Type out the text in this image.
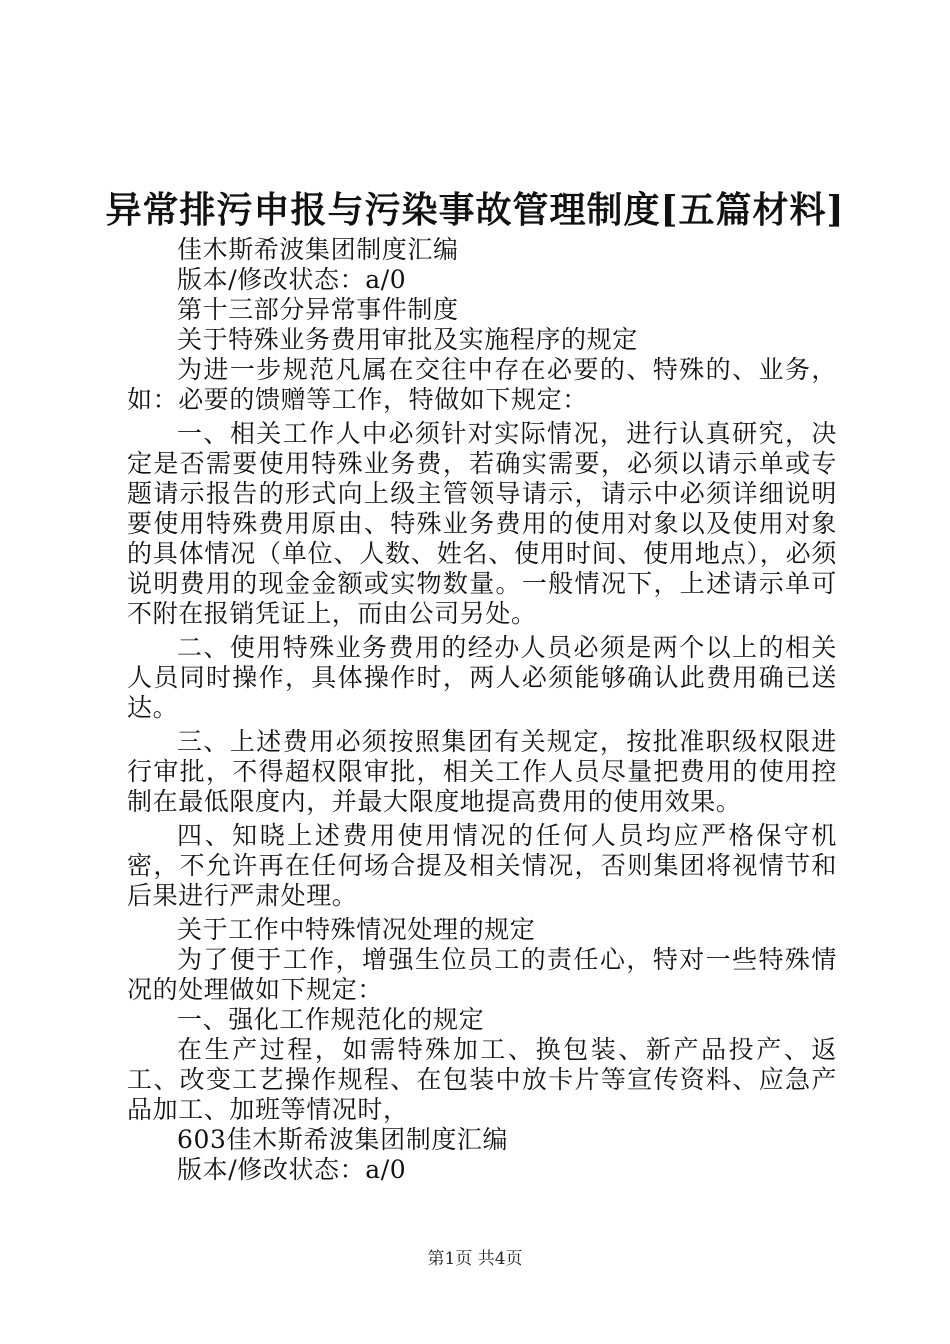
异常排污申报与污染事故管理制度[五篇材料]

佳木斯希波集团制度汇编

版本/修改状态：a/0

第十三部分异常事件制度

关于特殊业务费用审批及实施程序的规定

为进一步规范凡属在交往中存在必要的、特殊的、业务，如：必要的馈赠等工作，特做如下规定：

一、相关工作人中必须针对实际情况，进行认真研究，决定是否需要使用特殊业务费，若确实需要，必须以请示单或专题请示报告的形式向上级主管领导请示，请示中必须详细说明要使用特殊费用原由、特殊业务费用的使用对象以及使用对象的具体情况（单位、人数、姓名、使用时间、使用地点），必须说明费用的现金金额或实物数量。一般情况下，上述请示单可不附在报销凭证上，而由公司另处。

二、使用特殊业务费用的经办人员必须是两个以上的相关人员同时操作，具体操作时，两人必须能够确认此费用确已送达。

三、上述费用必须按照集团有关规定，按批准职级权限进行审批，不得超权限审批，相关工作人员尽量把费用的使用控制在最低限度内，并最大限度地提高费用的使用效果。

四、知晓上述费用使用情况的任何人员均应严格保守机密，不允许再在任何场合提及相关情况，否则集团将视情节和后果进行严肃处理。

关于工作中特殊情况处理的规定

为了便于工作，增强生位员工的责任心，特对一些特殊情况的处理做如下规定：

一、强化工作规范化的规定

在生产过程，如需特殊加工、换包装、新产品投产、返工、改变工艺操作规程、在包装中放卡片等宣传资料、应急产品加工、加班等情况时，

603佳木斯希波集团制度汇编

版本/修改状态：a/0

第1页 共4页
